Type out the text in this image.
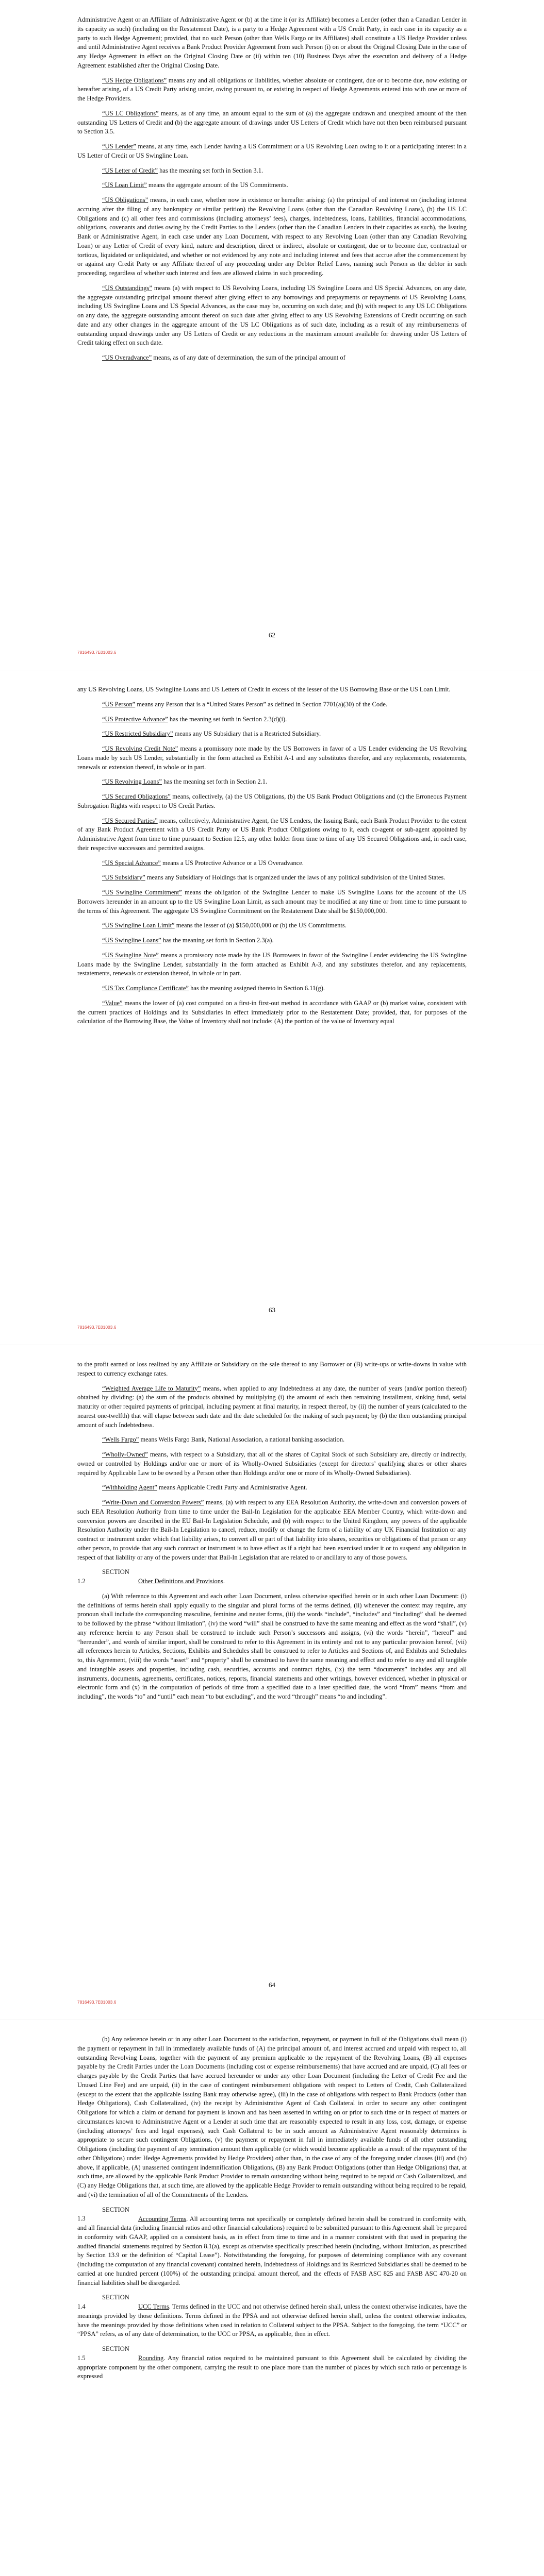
Administrative Agent or an Affiliate of Administrative Agent or (b) at the time it (or its Affiliate) becomes a Lender (other than a Canadian Lender in its capacity as such) (including on the Restatement Date), is a party to a Hedge Agreement with a US Credit Party, in each case in its capacity as a party to such Hedge Agreement; provided, that no such Person (other than Wells Fargo or its Affiliates) shall constitute a US Hedge Provider unless and until Administrative Agent receives a Bank Product Provider Agreement from such Person (i) on or about the Original Closing Date in the case of any Hedge Agreement in effect on the Original Closing Date or (ii) within ten (10) Business Days after the execution and delivery of a Hedge Agreement established after the Original Closing Date.

“US Hedge Obligations” means any and all obligations or liabilities, whether absolute or contingent, due or to become due, now existing or hereafter arising, of a US Credit Party arising under, owing pursuant to, or existing in respect of Hedge Agreements entered into with one or more of the Hedge Providers.

“US LC Obligations” means, as of any time, an amount equal to the sum of (a) the aggregate undrawn and unexpired amount of the then outstanding US Letters of Credit and (b) the aggregate amount of drawings under US Letters of Credit which have not then been reimbursed pursuant to Section 3.5.

“US Lender” means, at any time, each Lender having a US Commitment or a US Revolving Loan owing to it or a participating interest in a US Letter of Credit or US Swingline Loan.

“US Letter of Credit” has the meaning set forth in Section 3.1.

“US Loan Limit” means the aggregate amount of the US Commitments.

“US Obligations” means, in each case, whether now in existence or hereafter arising: (a) the principal of and interest on (including interest accruing after the filing of any bankruptcy or similar petition) the Revolving Loans (other than the Canadian Revolving Loans), (b) the US LC Obligations and (c) all other fees and commissions (including attorneys’ fees), charges, indebtedness, loans, liabilities, financial accommodations, obligations, covenants and duties owing by the Credit Parties to the Lenders (other than the Canadian Lenders in their capacities as such), the Issuing Bank or Administrative Agent, in each case under any Loan Document, with respect to any Revolving Loan (other than any Canadian Revolving Loan) or any Letter of Credit of every kind, nature and description, direct or indirect, absolute or contingent, due or to become due, contractual or tortious, liquidated or unliquidated, and whether or not evidenced by any note and including interest and fees that accrue after the commencement by or against any Credit Party or any Affiliate thereof of any proceeding under any Debtor Relief Laws, naming such Person as the debtor in such proceeding, regardless of whether such interest and fees are allowed claims in such proceeding.

“US Outstandings” means (a) with respect to US Revolving Loans, including US Swingline Loans and US Special Advances, on any date, the aggregate outstanding principal amount thereof after giving effect to any borrowings and prepayments or repayments of US Revolving Loans, including US Swingline Loans and US Special Advances, as the case may be, occurring on such date; and (b) with respect to any US LC Obligations on any date, the aggregate outstanding amount thereof on such date after giving effect to any US Revolving Extensions of Credit occurring on such date and any other changes in the aggregate amount of the US LC Obligations as of such date, including as a result of any reimbursements of outstanding unpaid drawings under any US Letters of Credit or any reductions in the maximum amount available for drawing under US Letters of Credit taking effect on such date.

“US Overadvance” means, as of any date of determination, the sum of the principal amount of

62
7816493.7E01003.6

any US Revolving Loans, US Swingline Loans and US Letters of Credit in excess of the lesser of the US Borrowing Base or the US Loan Limit.

“US Person” means any Person that is a “United States Person” as defined in Section 7701(a)(30) of the Code.

“US Protective Advance” has the meaning set forth in Section 2.3(d)(i).

“US Restricted Subsidiary” means any US Subsidiary that is a Restricted Subsidiary.

“US Revolving Credit Note” means a promissory note made by the US Borrowers in favor of a US Lender evidencing the US Revolving Loans made by such US Lender, substantially in the form attached as Exhibit A-1 and any substitutes therefor, and any replacements, restatements, renewals or extension thereof, in whole or in part.

“US Revolving Loans” has the meaning set forth in Section 2.1.

“US Secured Obligations” means, collectively, (a) the US Obligations, (b) the US Bank Product Obligations and (c) the Erroneous Payment Subrogation Rights with respect to US Credit Parties.

“US Secured Parties” means, collectively, Administrative Agent, the US Lenders, the Issuing Bank, each Bank Product Provider to the extent of any Bank Product Agreement with a US Credit Party or US Bank Product Obligations owing to it, each co-agent or sub-agent appointed by Administrative Agent from time to time pursuant to Section 12.5, any other holder from time to time of any US Secured Obligations and, in each case, their respective successors and permitted assigns.

“US Special Advance” means a US Protective Advance or a US Overadvance.

“US Subsidiary” means any Subsidiary of Holdings that is organized under the laws of any political subdivision of the United States.

“US Swingline Commitment” means the obligation of the Swingline Lender to make US Swingline Loans for the account of the US Borrowers hereunder in an amount up to the US Swingline Loan Limit, as such amount may be modified at any time or from time to time pursuant to the terms of this Agreement. The aggregate US Swingline Commitment on the Restatement Date shall be $150,000,000.

“US Swingline Loan Limit” means the lesser of (a) $150,000,000 or (b) the US Commitments.

“US Swingline Loans” has the meaning set forth in Section 2.3(a).

“US Swingline Note” means a promissory note made by the US Borrowers in favor of the Swingline Lender evidencing the US Swingline Loans made by the Swingline Lender, substantially in the form attached as Exhibit A-3, and any substitutes therefor, and any replacements, restatements, renewals or extension thereof, in whole or in part.

“US Tax Compliance Certificate” has the meaning assigned thereto in Section 6.11(g).

“Value” means the lower of (a) cost computed on a first-in first-out method in accordance with GAAP or (b) market value, consistent with the current practices of Holdings and its Subsidiaries in effect immediately prior to the Restatement Date; provided, that, for purposes of the calculation of the Borrowing Base, the Value of Inventory shall not include: (A) the portion of the value of Inventory equal

63
7816493.7E01003.6

to the profit earned or loss realized by any Affiliate or Subsidiary on the sale thereof to any Borrower or (B) write-ups or write-downs in value with respect to currency exchange rates.

“Weighted Average Life to Maturity” means, when applied to any Indebtedness at any date, the number of years (and/or portion thereof) obtained by dividing: (a) the sum of the products obtained by multiplying (i) the amount of each then remaining installment, sinking fund, serial maturity or other required payments of principal, including payment at final maturity, in respect thereof, by (ii) the number of years (calculated to the nearest one-twelfth) that will elapse between such date and the date scheduled for the making of such payment; by (b) the then outstanding principal amount of such Indebtedness.

“Wells Fargo” means Wells Fargo Bank, National Association, a national banking association.

“Wholly-Owned” means, with respect to a Subsidiary, that all of the shares of Capital Stock of such Subsidiary are, directly or indirectly, owned or controlled by Holdings and/or one or more of its Wholly-Owned Subsidiaries (except for directors’ qualifying shares or other shares required by Applicable Law to be owned by a Person other than Holdings and/or one or more of its Wholly-Owned Subsidiaries).

“Withholding Agent” means Applicable Credit Party and Administrative Agent.

“Write-Down and Conversion Powers” means, (a) with respect to any EEA Resolution Authority, the write-down and conversion powers of such EEA Resolution Authority from time to time under the Bail-In Legislation for the applicable EEA Member Country, which write-down and conversion powers are described in the EU Bail-In Legislation Schedule, and (b) with respect to the United Kingdom, any powers of the applicable Resolution Authority under the Bail-In Legislation to cancel, reduce, modify or change the form of a liability of any UK Financial Institution or any contract or instrument under which that liability arises, to convert all or part of that liability into shares, securities or obligations of that person or any other person, to provide that any such contract or instrument is to have effect as if a right had been exercised under it or to suspend any obligation in respect of that liability or any of the powers under that Bail-In Legislation that are related to or ancillary to any of those powers.

SECTION 1.2	Other Definitions and Provisions.

(a) With reference to this Agreement and each other Loan Document, unless otherwise specified herein or in such other Loan Document: (i) the definitions of terms herein shall apply equally to the singular and plural forms of the terms defined, (ii) whenever the context may require, any pronoun shall include the corresponding masculine, feminine and neuter forms, (iii) the words “include”, “includes” and “including” shall be deemed to be followed by the phrase “without limitation”, (iv) the word “will” shall be construed to have the same meaning and effect as the word “shall”, (v) any reference herein to any Person shall be construed to include such Person’s successors and assigns, (vi) the words “herein”, “hereof” and “hereunder”, and words of similar import, shall be construed to refer to this Agreement in its entirety and not to any particular provision hereof, (vii) all references herein to Articles, Sections, Exhibits and Schedules shall be construed to refer to Articles and Sections of, and Exhibits and Schedules to, this Agreement, (viii) the words “asset” and “property” shall be construed to have the same meaning and effect and to refer to any and all tangible and intangible assets and properties, including cash, securities, accounts and contract rights, (ix) the term “documents” includes any and all instruments, documents, agreements, certificates, notices, reports, financial statements and other writings, however evidenced, whether in physical or electronic form and (x) in the computation of periods of time from a specified date to a later specified date, the word “from” means “from and including”, the words “to” and “until” each mean “to but excluding”, and the word “through” means “to and including”.

64
7816493.7E01003.6

(b) Any reference herein or in any other Loan Document to the satisfaction, repayment, or payment in full of the Obligations shall mean (i) the payment or repayment in full in immediately available funds of (A) the principal amount of, and interest accrued and unpaid with respect to, all outstanding Revolving Loans, together with the payment of any premium applicable to the repayment of the Revolving Loans, (B) all expenses payable by the Credit Parties under the Loan Documents (including cost or expense reimbursements) that have accrued and are unpaid, (C) all fees or charges payable by the Credit Parties that have accrued hereunder or under any other Loan Document (including the Letter of Credit Fee and the Unused Line Fee) and are unpaid, (ii) in the case of contingent reimbursement obligations with respect to Letters of Credit, Cash Collateralized (except to the extent that the applicable Issuing Bank may otherwise agree), (iii) in the case of obligations with respect to Bank Products (other than Hedge Obligations), Cash Collateralized, (iv) the receipt by Administrative Agent of Cash Collateral in order to secure any other contingent Obligations for which a claim or demand for payment is known and has been asserted in writing on or prior to such time or in respect of matters or circumstances known to Administrative Agent or a Lender at such time that are reasonably expected to result in any loss, cost, damage, or expense (including attorneys’ fees and legal expenses), such Cash Collateral to be in such amount as Administrative Agent reasonably determines is appropriate to secure such contingent Obligations, (v) the payment or repayment in full in immediately available funds of all other outstanding Obligations (including the payment of any termination amount then applicable (or which would become applicable as a result of the repayment of the other Obligations) under Hedge Agreements provided by Hedge Providers) other than, in the case of any of the foregoing under clauses (iii) and (iv) above, if applicable, (A) unasserted contingent indemnification Obligations, (B) any Bank Product Obligations (other than Hedge Obligations) that, at such time, are allowed by the applicable Bank Product Provider to remain outstanding without being required to be repaid or Cash Collateralized, and (C) any Hedge Obligations that, at such time, are allowed by the applicable Hedge Provider to remain outstanding without being required to be repaid, and (vi) the termination of all of the Commitments of the Lenders.

SECTION 1.3	Accounting Terms. All accounting terms not specifically or completely defined herein shall be construed in conformity with, and all financial data (including financial ratios and other financial calculations) required to be submitted pursuant to this Agreement shall be prepared in conformity with GAAP, applied on a consistent basis, as in effect from time to time and in a manner consistent with that used in preparing the audited financial statements required by Section 8.1(a), except as otherwise specifically prescribed herein (including, without limitation, as prescribed by Section 13.9 or the definition of “Capital Lease”). Notwithstanding the foregoing, for purposes of determining compliance with any covenant (including the computation of any financial covenant) contained herein, Indebtedness of Holdings and its Restricted Subsidiaries shall be deemed to be carried at one hundred percent (100%) of the outstanding principal amount thereof, and the effects of FASB ASC 825 and FASB ASC 470-20 on financial liabilities shall be disregarded.

SECTION 1.4	UCC Terms. Terms defined in the UCC and not otherwise defined herein shall, unless the context otherwise indicates, have the meanings provided by those definitions. Terms defined in the PPSA and not otherwise defined herein shall, unless the context otherwise indicates, have the meanings provided by those definitions when used in relation to Collateral subject to the PPSA. Subject to the foregoing, the term “UCC” or “PPSA” refers, as of any date of determination, to the UCC or PPSA, as applicable, then in effect.

SECTION 1.5	Rounding. Any financial ratios required to be maintained pursuant to this Agreement shall be calculated by dividing the appropriate component by the other component, carrying the result to one place more than the number of places by which such ratio or percentage is expressed
